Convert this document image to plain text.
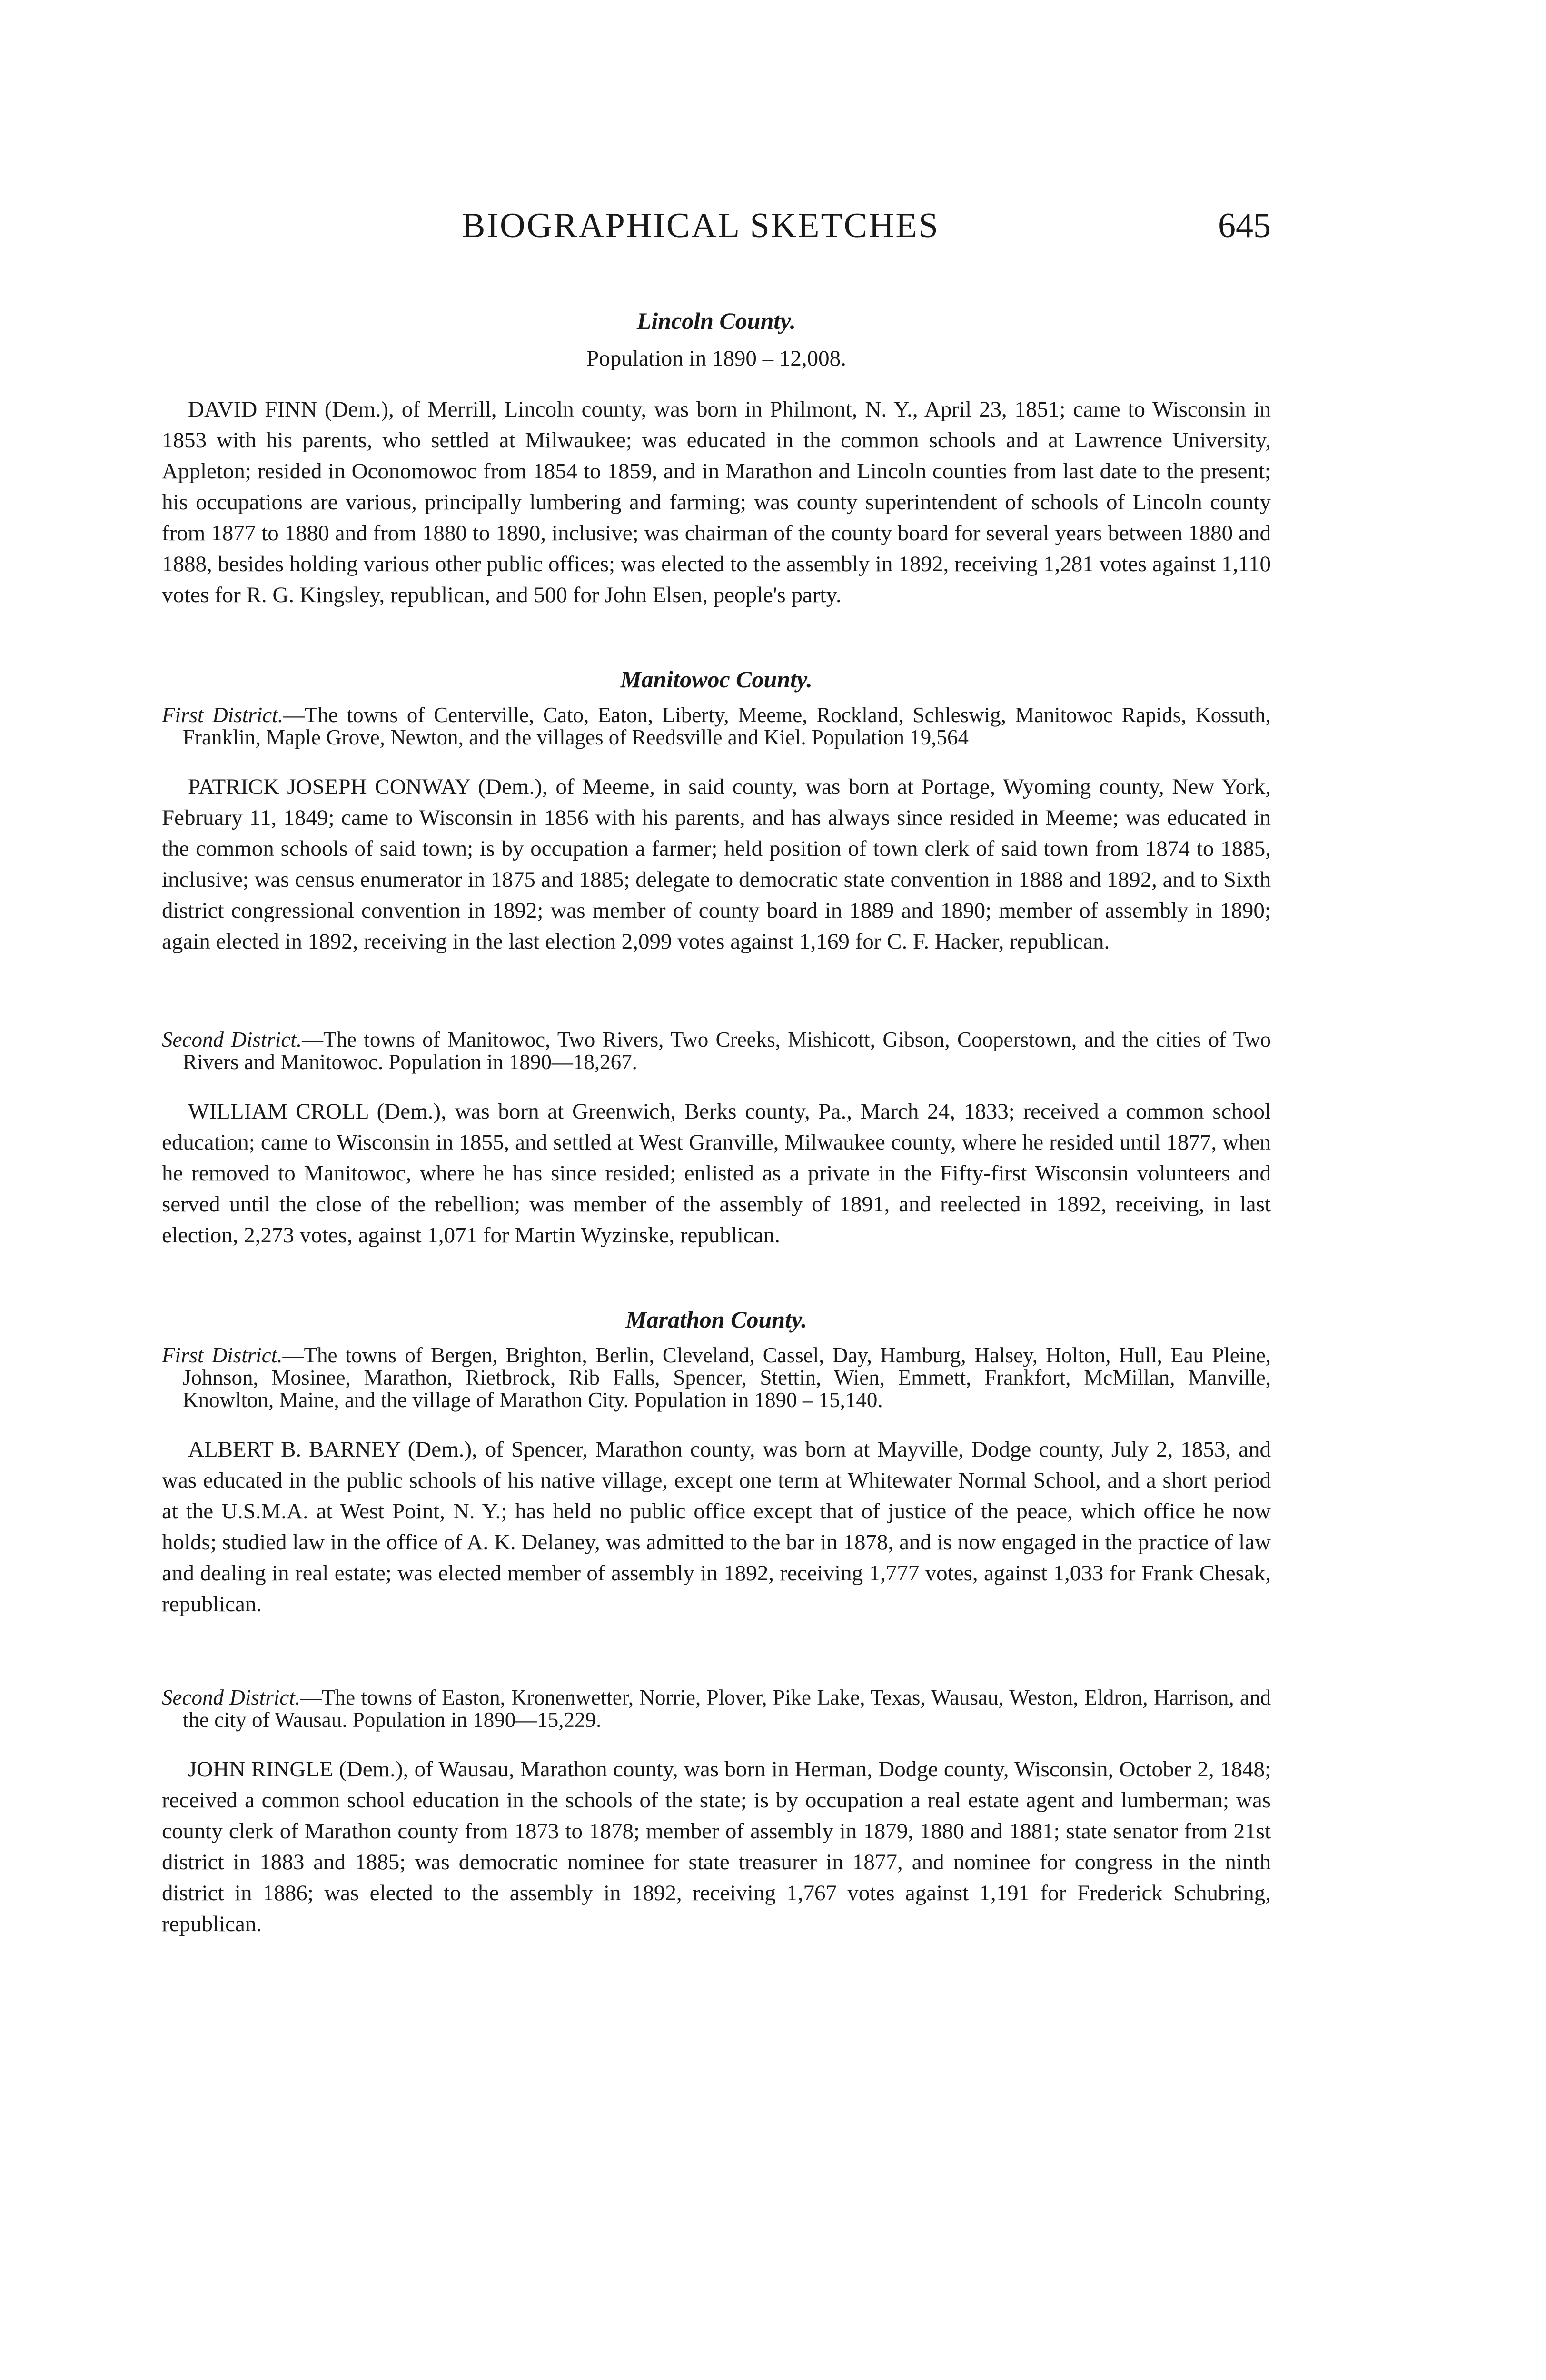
BIOGRAPHICAL SKETCHES	645
Lincoln County.
Population in 1890 – 12,008.

DAVID FINN (Dem.), of Merrill, Lincoln county, was born in Philmont, N. Y., April 23, 1851; came to Wisconsin in 1853 with his parents, who settled at Milwaukee; was educated in the common schools and at Lawrence University, Appleton; resided in Oconomowoc from 1854 to 1859, and in Marathon and Lincoln counties from last date to the present; his occupations are various, principally lumbering and farming; was county superintendent of schools of Lincoln county from 1877 to 1880 and from 1880 to 1890, inclusive; was chairman of the county board for several years between 1880 and 1888, besides holding various other public offices; was elected to the assembly in 1892, receiving 1,281 votes against 1,110 votes for R. G. Kingsley, republican, and 500 for John Elsen, people's party.

Manitowoc County.

First District.—The towns of Centerville, Cato, Eaton, Liberty, Meeme, Rockland, Schleswig, Manitowoc Rapids, Kossuth, Franklin, Maple Grove, Newton, and the villages of Reedsville and Kiel. Population 19,564

PATRICK JOSEPH CONWAY (Dem.), of Meeme, in said county, was born at Portage, Wyoming county, New York, February 11, 1849; came to Wisconsin in 1856 with his parents, and has always since resided in Meeme; was educated in the common schools of said town; is by occupation a farmer; held position of town clerk of said town from 1874 to 1885, inclusive; was census enumerator in 1875 and 1885; delegate to democratic state convention in 1888 and 1892, and to Sixth district congressional convention in 1892; was member of county board in 1889 and 1890; member of assembly in 1890; again elected in 1892, receiving in the last election 2,099 votes against 1,169 for C. F. Hacker, republican.

Second District.—The towns of Manitowoc, Two Rivers, Two Creeks, Mishicott, Gibson, Cooperstown, and the cities of Two Rivers and Manitowoc. Population in 1890—18,267.

WILLIAM CROLL (Dem.), was born at Greenwich, Berks county, Pa., March 24, 1833; received a common school education; came to Wisconsin in 1855, and settled at West Granville, Milwaukee county, where he resided until 1877, when he removed to Manitowoc, where he has since resided; enlisted as a private in the Fifty-first Wisconsin volunteers and served until the close of the rebellion; was member of the assembly of 1891, and reelected in 1892, receiving, in last election, 2,273 votes, against 1,071 for Martin Wyzinske, republican.

Marathon County.

First District.—The towns of Bergen, Brighton, Berlin, Cleveland, Cassel, Day, Hamburg, Halsey, Holton, Hull, Eau Pleine, Johnson, Mosinee, Marathon, Rietbrock, Rib Falls, Spencer, Stettin, Wien, Emmett, Frankfort, McMillan, Manville, Knowlton, Maine, and the village of Marathon City. Population in 1890 – 15,140.

ALBERT B. BARNEY (Dem.), of Spencer, Marathon county, was born at Mayville, Dodge county, July 2, 1853, and was educated in the public schools of his native village, except one term at Whitewater Normal School, and a short period at the U.S.M.A. at West Point, N. Y.; has held no public office except that of justice of the peace, which office he now holds; studied law in the office of A. K. Delaney, was admitted to the bar in 1878, and is now engaged in the practice of law and dealing in real estate; was elected member of assembly in 1892, receiving 1,777 votes, against 1,033 for Frank Chesak, republican.

Second District.—The towns of Easton, Kronenwetter, Norrie, Plover, Pike Lake, Texas, Wausau, Weston, Eldron, Harrison, and the city of Wausau. Population in 1890—15,229.

JOHN RINGLE (Dem.), of Wausau, Marathon county, was born in Herman, Dodge county, Wisconsin, October 2, 1848; received a common school education in the schools of the state; is by occupation a real estate agent and lumberman; was county clerk of Marathon county from 1873 to 1878; member of assembly in 1879, 1880 and 1881; state senator from 21st district in 1883 and 1885; was democratic nominee for state treasurer in 1877, and nominee for congress in the ninth district in 1886; was elected to the assembly in 1892, receiving 1,767 votes against 1,191 for Frederick Schubring, republican.
